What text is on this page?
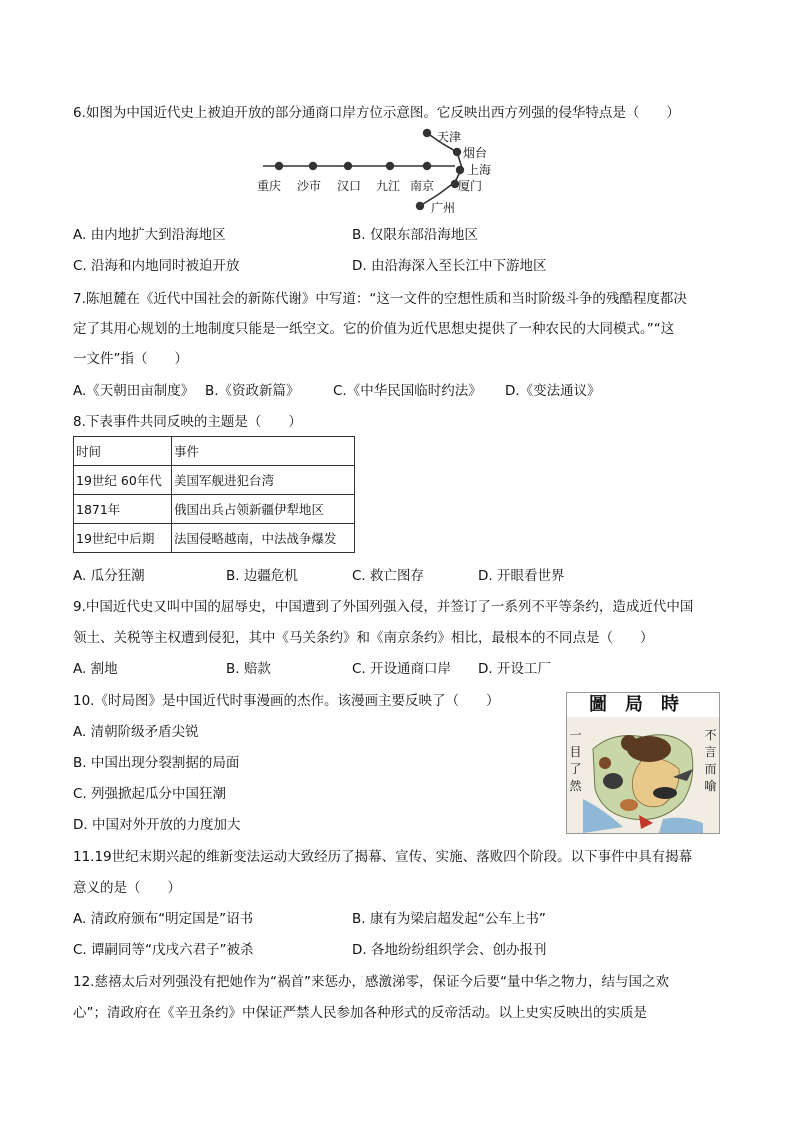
6.如图为中国近代史上被迫开放的部分通商口岸方位示意图。它反映出西方列强的侵华特点是（　　）
天津
烟台
上海
厦门
广州
重庆 沙市 汉口 九江 南京
A. 由内地扩大到沿海地区	B. 仅限东部沿海地区
C. 沿海和内地同时被迫开放	D. 由沿海深入至长江中下游地区
7.陈旭麓在《近代中国社会的新陈代谢》中写道：“这一文件的空想性质和当时阶级斗争的残酷程度都决
定了其用心规划的土地制度只能是一纸空文。它的价值为近代思想史提供了一种农民的大同模式。”“这
一文件”指（　　）
A.《天朝田亩制度》 B.《资政新篇》 C.《中华民国临时约法》 D.《变法通议》
8.下表事件共同反映的主题是（　　）
时间	事件
19世纪 60年代	美国军舰进犯台湾
1871年	俄国出兵占领新疆伊犁地区
19世纪中后期	法国侵略越南，中法战争爆发
A. 瓜分狂潮	B. 边疆危机	C. 救亡图存	D. 开眼看世界
9.中国近代史又叫中国的屈辱史，中国遭到了外国列强入侵，并签订了一系列不平等条约，造成近代中国
领土、关税等主权遭到侵犯，其中《马关条约》和《南京条约》相比，最根本的不同点是（　　）
A. 割地	B. 赔款	C. 开设通商口岸 D. 开设工厂
10.《时局图》是中国近代时事漫画的杰作。该漫画主要反映了（　　）
A. 清朝阶级矛盾尖锐
B. 中国出现分裂割据的局面
C. 列强掀起瓜分中国狂潮
D. 中国对外开放的力度加大
圖局時
一目了然
不言而喻
11.19世纪末期兴起的维新变法运动大致经历了揭幕、宣传、实施、落败四个阶段。以下事件中具有揭幕
意义的是（　　）
A. 清政府颁布“明定国是”诏书	B. 康有为梁启超发起“公车上书”
C. 谭嗣同等“戊戌六君子”被杀	D. 各地纷纷组织学会、创办报刊
12.慈禧太后对列强没有把她作为“祸首”来惩办，感激涕零，保证今后要“量中华之物力，结与国之欢
心”；清政府在《辛丑条约》中保证严禁人民参加各种形式的反帝活动。以上史实反映出的实质是
